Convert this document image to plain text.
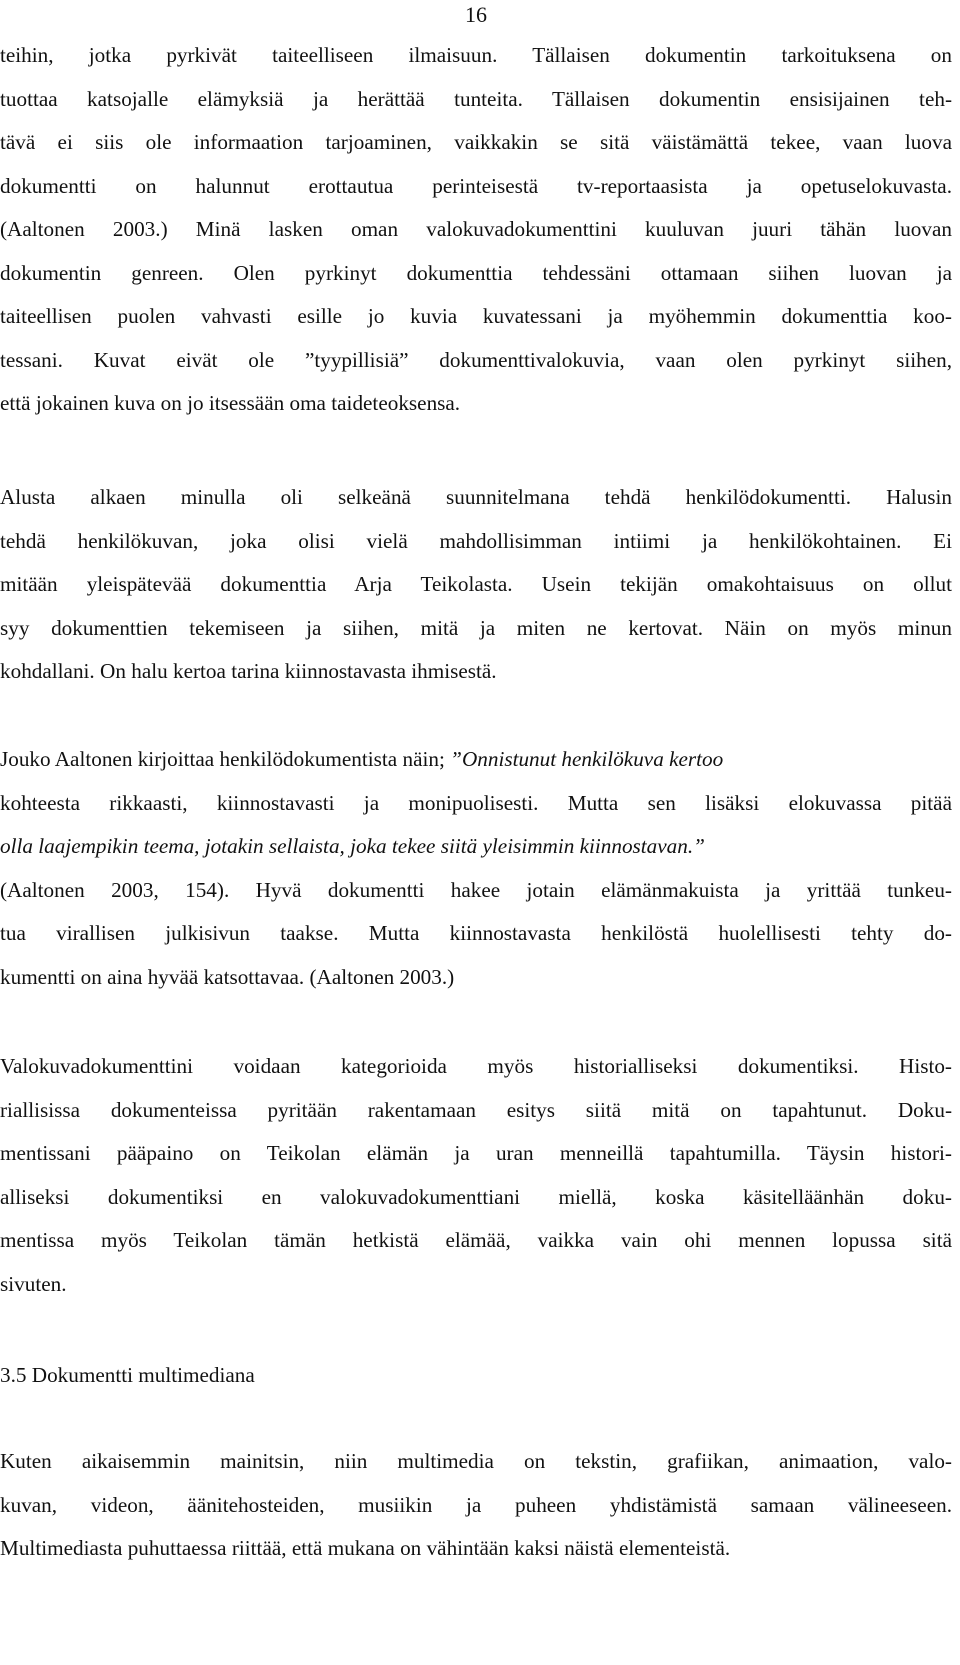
16
teihin, jotka pyrkivät taiteelliseen ilmaisuun. Tällaisen dokumentin tarkoituksena on
tuottaa katsojalle elämyksiä ja herättää tunteita. Tällaisen dokumentin ensisijainen teh-
tävä ei siis ole informaation tarjoaminen, vaikkakin se sitä väistämättä tekee, vaan luova
dokumentti on halunnut erottautua perinteisestä tv-reportaasista ja opetuselokuvasta.
(Aaltonen 2003.) Minä lasken oman valokuvadokumenttini kuuluvan juuri tähän luovan
dokumentin genreen. Olen pyrkinyt dokumenttia tehdessäni ottamaan siihen luovan ja
taiteellisen puolen vahvasti esille jo kuvia kuvatessani ja myöhemmin dokumenttia koo-
tessani. Kuvat eivät ole ”tyypillisiä” dokumenttivalokuvia, vaan olen pyrkinyt siihen,
että jokainen kuva on jo itsessään oma taideteoksensa.
Alusta alkaen minulla oli selkeänä suunnitelmana tehdä henkilödokumentti. Halusin
tehdä henkilökuvan, joka olisi vielä mahdollisimman intiimi ja henkilökohtainen. Ei
mitään yleispätevää dokumenttia Arja Teikolasta. Usein tekijän omakohtaisuus on ollut
syy dokumenttien tekemiseen ja siihen, mitä ja miten ne kertovat. Näin on myös minun
kohdallani. On halu kertoa tarina kiinnostavasta ihmisestä.
Jouko Aaltonen kirjoittaa henkilödokumentista näin; ”Onnistunut henkilökuva kertoo
kohteesta rikkaasti, kiinnostavasti ja monipuolisesti. Mutta sen lisäksi elokuvassa pitää
olla laajempikin teema, jotakin sellaista, joka tekee siitä yleisimmin kiinnostavan.”
(Aaltonen 2003, 154). Hyvä dokumentti hakee jotain elämänmakuista ja yrittää tunkeu-
tua virallisen julkisivun taakse. Mutta kiinnostavasta henkilöstä huolellisesti tehty do-
kumentti on aina hyvää katsottavaa. (Aaltonen 2003.)
Valokuvadokumenttini voidaan kategorioida myös historialliseksi dokumentiksi. Histo-
riallisissa dokumenteissa pyritään rakentamaan esitys siitä mitä on tapahtunut. Doku-
mentissani pääpaino on Teikolan elämän ja uran menneillä tapahtumilla. Täysin histori-
alliseksi dokumentiksi en valokuvadokumenttiani miellä, koska käsitelläänhän doku-
mentissa myös Teikolan tämän hetkistä elämää, vaikka vain ohi mennen lopussa sitä
sivuten.
3.5 Dokumentti multimediana
Kuten aikaisemmin mainitsin, niin multimedia on tekstin, grafiikan, animaation, valo-
kuvan, videon, äänitehosteiden, musiikin ja puheen yhdistämistä samaan välineeseen.
Multimediasta puhuttaessa riittää, että mukana on vähintään kaksi näistä elementeistä.
